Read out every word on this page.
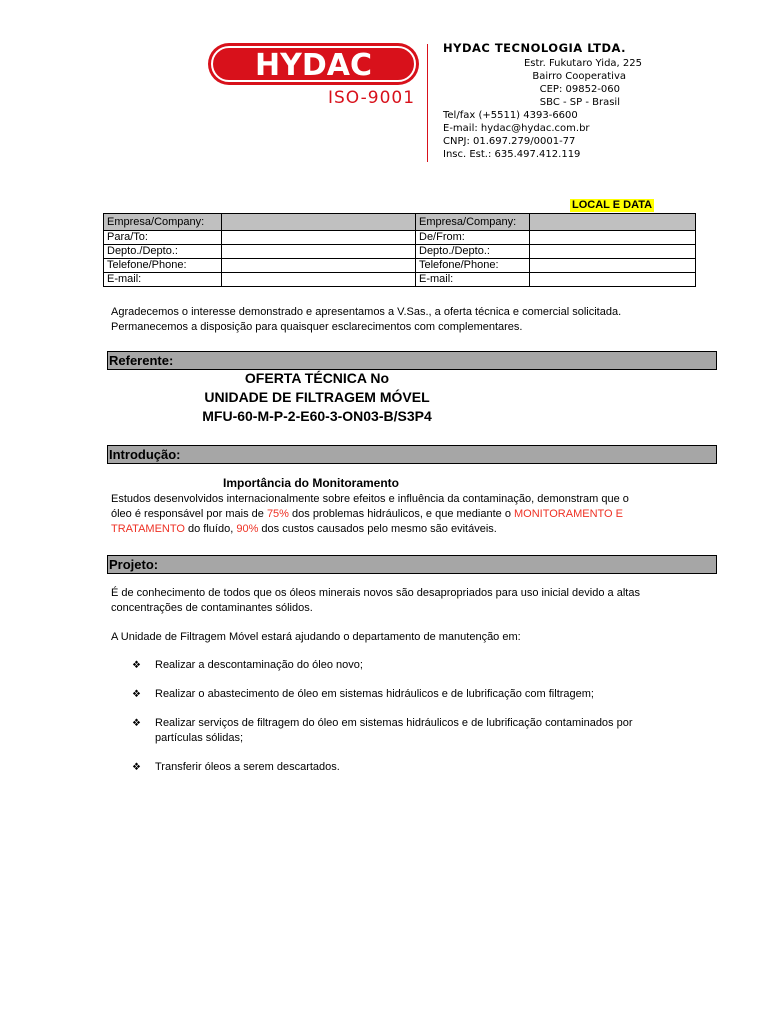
HYDAC
ISO-9001
HYDAC TECNOLOGIA LTDA.
Estr. Fukutaro Yida, 225
Bairro Cooperativa
CEP: 09852-060
SBC - SP - Brasil
Tel/fax (+5511) 4393-6600
E-mail: hydac@hydac.com.br
CNPJ: 01.697.279/0001-77
Insc. Est.: 635.497.412.119
LOCAL E DATA
Empresa/Company:		Empresa/Company:	
Para/To:		De/From:	
Depto./Depto.:		Depto./Depto.:	
Telefone/Phone:		Telefone/Phone:	
E-mail:		E-mail:	
Agradecemos o interesse demonstrado e apresentamos a V.Sas., a oferta técnica e comercial solicitada.
Permanecemos a disposição para quaisquer esclarecimentos com complementares.
Referente:
OFERTA TÉCNICA No
UNIDADE DE FILTRAGEM MÓVEL
MFU-60-M-P-2-E60-3-ON03-B/S3P4
Introdução:
Importância do Monitoramento
Estudos desenvolvidos internacionalmente sobre efeitos e influência da contaminação, demonstram que o
óleo é responsável por mais de 75% dos problemas hidráulicos, e que mediante o MONITORAMENTO E
TRATAMENTO do fluído, 90% dos custos causados pelo mesmo são evitáveis.
Projeto:
É de conhecimento de todos que os óleos minerais novos são desapropriados para uso inicial devido a altas
concentrações de contaminantes sólidos.
A Unidade de Filtragem Móvel estará ajudando o departamento de manutenção em:
❖ Realizar a descontaminação do óleo novo;
❖ Realizar o abastecimento de óleo em sistemas hidráulicos e de lubrificação com filtragem;
❖ Realizar serviços de filtragem do óleo em sistemas hidráulicos e de lubrificação contaminados por
partículas sólidas;
❖ Transferir óleos a serem descartados.
